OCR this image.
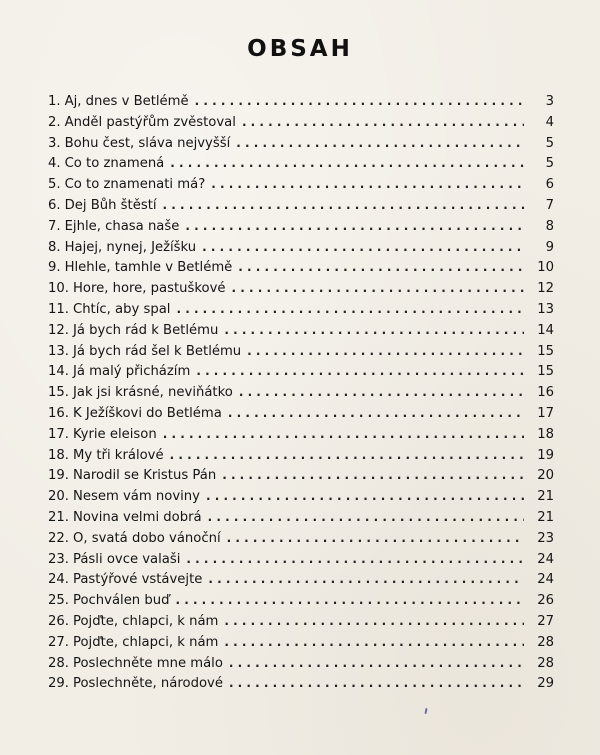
OBSAH
1. Aj, dnes v Betlémě . . .	3
2. Anděl pastýřům zvěstoval . . .	4
3. Bohu čest, sláva nejvyšší . . .	5
4. Co to znamená . . .	5
5. Co to znamenati má? . . .	6
6. Dej Bůh štěstí . . .	7
7. Ejhle, chasa naše . . .	8
8. Hajej, nynej, Ježíšku . . .	9
9. Hlehle, tamhle v Betlémě . . .	10
10. Hore, hore, pastuškové . . .	12
11. Chtíc, aby spal . . .	13
12. Já bych rád k Betlému . . .	14
13. Já bych rád šel k Betlému . . .	15
14. Já malý přicházím . . .	15
15. Jak jsi krásné, neviňátko . . .	16
16. K Ježíškovi do Betléma . . .	17
17. Kyrie eleison . . .	18
18. My tři králové . . .	19
19. Narodil se Kristus Pán . . .	20
20. Nesem vám noviny . . .	21
21. Novina velmi dobrá . . .	21
22. O, svatá dobo vánoční . . .	23
23. Pásli ovce valaši . . .	24
24. Pastýřové vstávejte . . .	24
25. Pochválen buď . . .	26
26. Pojďte, chlapci, k nám . . .	27
27. Pojďte, chlapci, k nám . . .	28
28. Poslechněte mne málo . . .	28
29. Poslechněte, národové . . .	29
